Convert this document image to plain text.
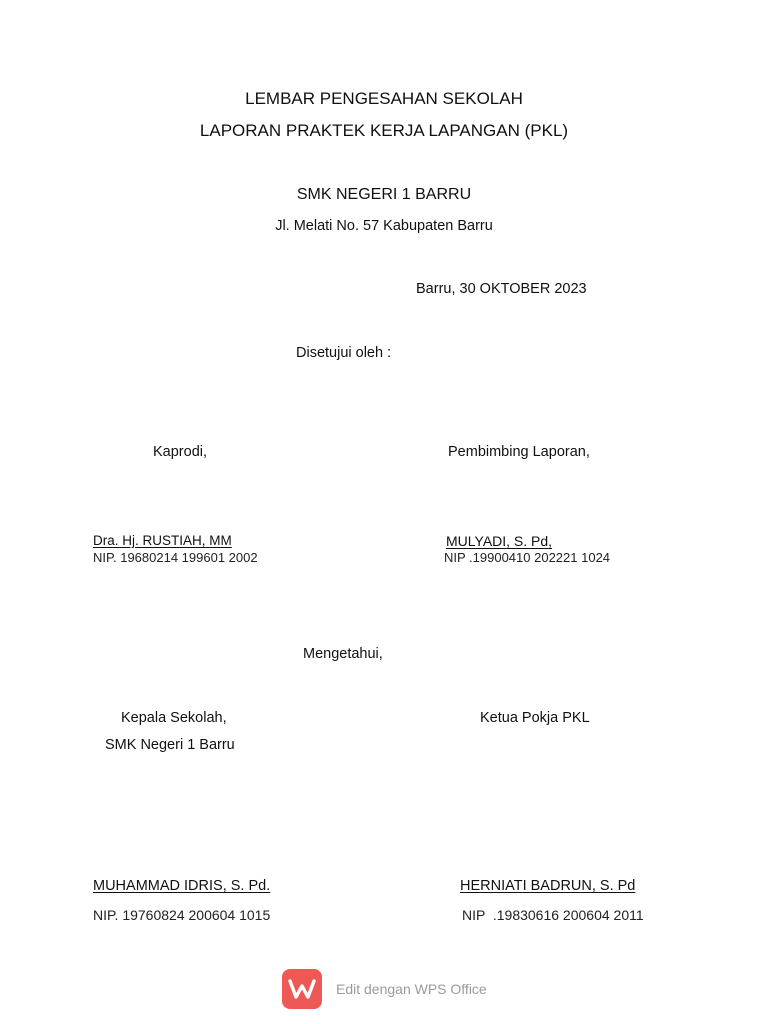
LEMBAR PENGESAHAN SEKOLAH
LAPORAN PRAKTEK KERJA LAPANGAN (PKL)
SMK NEGERI 1 BARRU
Jl. Melati No. 57 Kabupaten Barru
Barru, 30 OKTOBER 2023
Disetujui oleh :
Kaprodi,	Pembimbing Laporan,
Dra. Hj. RUSTIAH, MM
NIP. 19680214 199601 2002
MULYADI, S. Pd,
NIP .19900410 202221 1024
Mengetahui,
Kepala Sekolah,
SMK Negeri 1 Barru
Ketua Pokja PKL
MUHAMMAD IDRIS, S. Pd.
NIP. 19760824 200604 1015
HERNIATI BADRUN, S. Pd
NIP  .19830616 200604 2011
Edit dengan WPS Office
